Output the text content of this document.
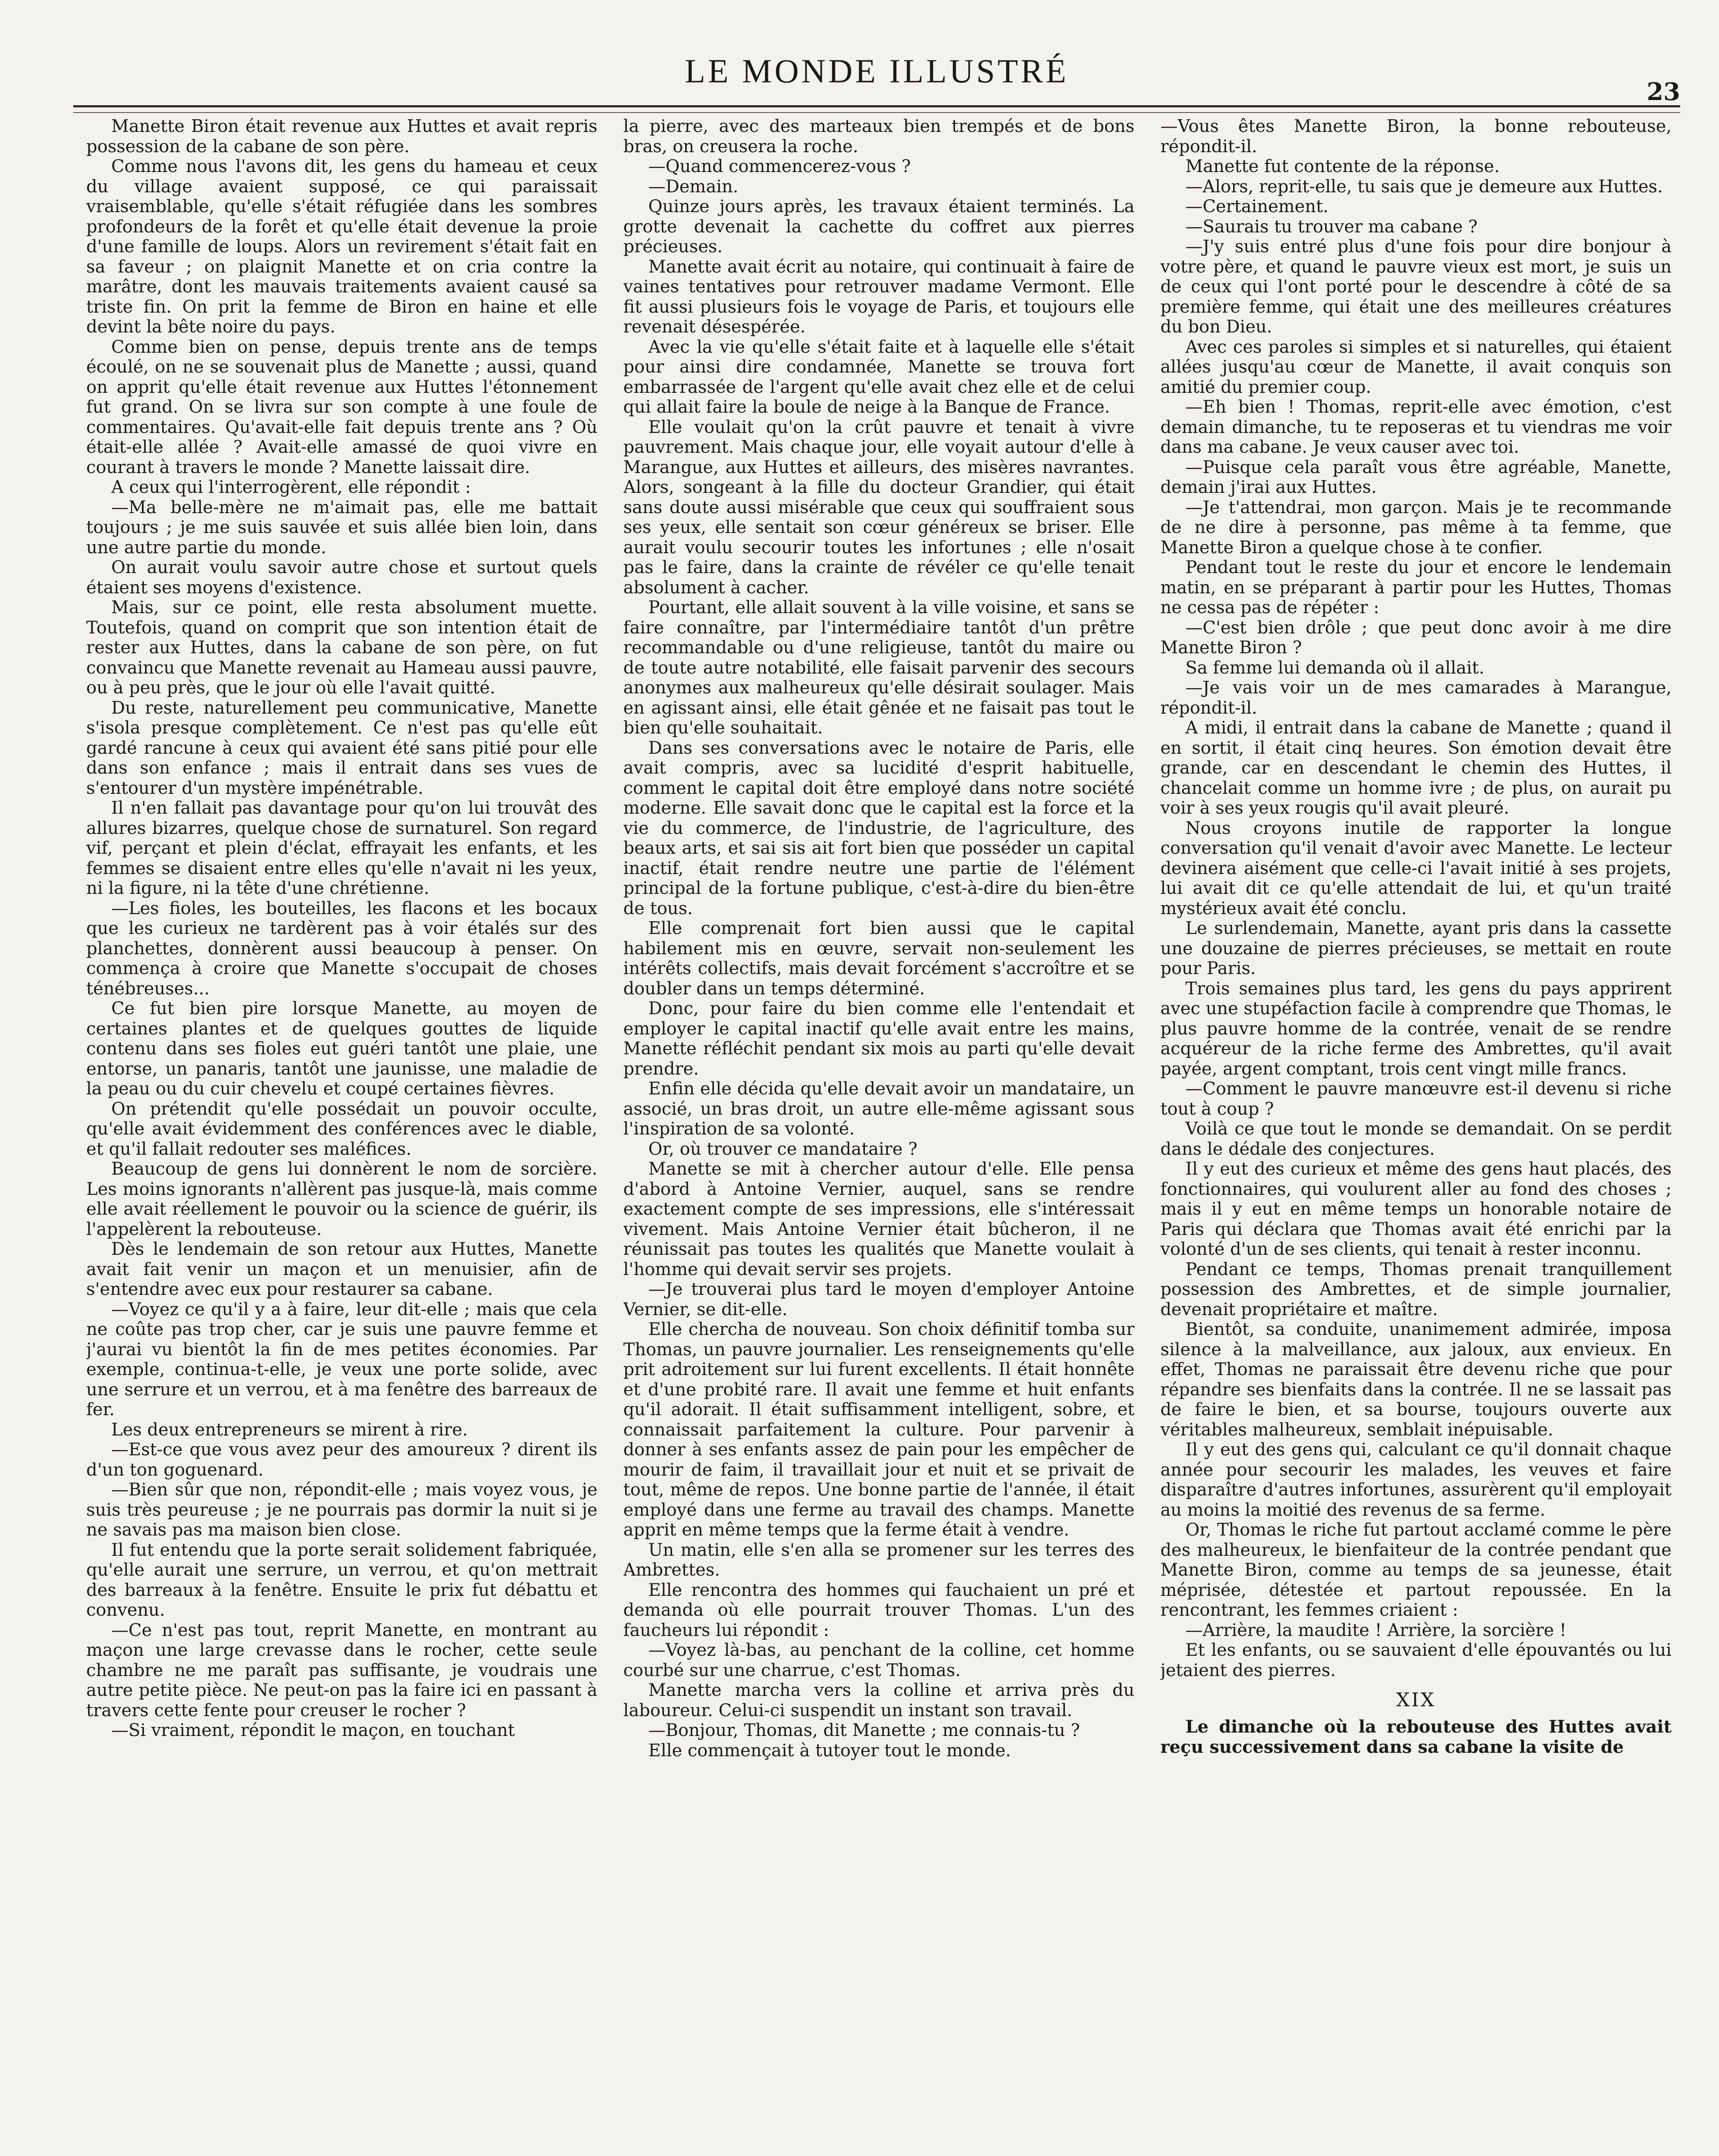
LE MONDE ILLUSTRÉ
23

Manette Biron était revenue aux Huttes et avait repris possession de la cabane de son père.

Comme nous l'avons dit, les gens du hameau et ceux du village avaient supposé, ce qui paraissait vraisemblable, qu'elle s'était réfugiée dans les sombres profondeurs de la forêt et qu'elle était devenue la proie d'une famille de loups. Alors un revirement s'était fait en sa faveur ; on plaignit Manette et on cria contre la marâtre, dont les mauvais traitements avaient causé sa triste fin. On prit la femme de Biron en haine et elle devint la bête noire du pays.

Comme bien on pense, depuis trente ans de temps écoulé, on ne se souvenait plus de Manette ; aussi, quand on apprit qu'elle était revenue aux Huttes l'étonnement fut grand. On se livra sur son compte à une foule de commentaires. Qu'avait-elle fait depuis trente ans ? Où était-elle allée ? Avait-elle amassé de quoi vivre en courant à travers le monde ? Manette laissait dire.

A ceux qui l'interrogèrent, elle répondit :

—Ma belle-mère ne m'aimait pas, elle me battait toujours ; je me suis sauvée et suis allée bien loin, dans une autre partie du monde.

On aurait voulu savoir autre chose et surtout quels étaient ses moyens d'existence.

Mais, sur ce point, elle resta absolument muette. Toutefois, quand on comprit que son intention était de rester aux Huttes, dans la cabane de son père, on fut convaincu que Manette revenait au Hameau aussi pauvre, ou à peu près, que le jour où elle l'avait quitté.

Du reste, naturellement peu communicative, Manette s'isola presque complètement. Ce n'est pas qu'elle eût gardé rancune à ceux qui avaient été sans pitié pour elle dans son enfance ; mais il entrait dans ses vues de s'entourer d'un mystère impénétrable.

Il n'en fallait pas davantage pour qu'on lui trouvât des allures bizarres, quelque chose de surnaturel. Son regard vif, perçant et plein d'éclat, effrayait les enfants, et les femmes se disaient entre elles qu'elle n'avait ni les yeux, ni la figure, ni la tête d'une chrétienne.

—Les fioles, les bouteilles, les flacons et les bocaux que les curieux ne tardèrent pas à voir étalés sur des planchettes, donnèrent aussi beaucoup à penser. On commença à croire que Manette s'occupait de choses ténébreuses...

Ce fut bien pire lorsque Manette, au moyen de certaines plantes et de quelques gouttes de liquide contenu dans ses fioles eut guéri tantôt une plaie, une entorse, un panaris, tantôt une jaunisse, une maladie de la peau ou du cuir chevelu et coupé certaines fièvres.

On prétendit qu'elle possédait un pouvoir occulte, qu'elle avait évidemment des conférences avec le diable, et qu'il fallait redouter ses maléfices.

Beaucoup de gens lui donnèrent le nom de sorcière. Les moins ignorants n'allèrent pas jusque-là, mais comme elle avait réellement le pouvoir ou la science de guérir, ils l'appelèrent la rebouteuse.

Dès le lendemain de son retour aux Huttes, Manette avait fait venir un maçon et un menuisier, afin de s'entendre avec eux pour restaurer sa cabane.

—Voyez ce qu'il y a à faire, leur dit-elle ; mais que cela ne coûte pas trop cher, car je suis une pauvre femme et j'aurai vu bientôt la fin de mes petites économies. Par exemple, continua-t-elle, je veux une porte solide, avec une serrure et un verrou, et à ma fenêtre des barreaux de fer.

Les deux entrepreneurs se mirent à rire.

—Est-ce que vous avez peur des amoureux ? dirent ils d'un ton goguenard.

—Bien sûr que non, répondit-elle ; mais voyez vous, je suis très peureuse ; je ne pourrais pas dormir la nuit si je ne savais pas ma maison bien close.

Il fut entendu que la porte serait solidement fabriquée, qu'elle aurait une serrure, un verrou, et qu'on mettrait des barreaux à la fenêtre. Ensuite le prix fut débattu et convenu.

—Ce n'est pas tout, reprit Manette, en montrant au maçon une large crevasse dans le rocher, cette seule chambre ne me paraît pas suffisante, je voudrais une autre petite pièce. Ne peut-on pas la faire ici en passant à travers cette fente pour creuser le rocher ?

—Si vraiment, répondit le maçon, en touchant

la pierre, avec des marteaux bien trempés et de bons bras, on creusera la roche.

—Quand commencerez-vous ?

—Demain.

Quinze jours après, les travaux étaient terminés. La grotte devenait la cachette du coffret aux pierres précieuses.

Manette avait écrit au notaire, qui continuait à faire de vaines tentatives pour retrouver madame Vermont. Elle fit aussi plusieurs fois le voyage de Paris, et toujours elle revenait désespérée.

Avec la vie qu'elle s'était faite et à laquelle elle s'était pour ainsi dire condamnée, Manette se trouva fort embarrassée de l'argent qu'elle avait chez elle et de celui qui allait faire la boule de neige à la Banque de France.

Elle voulait qu'on la crût pauvre et tenait à vivre pauvrement. Mais chaque jour, elle voyait autour d'elle à Marangue, aux Huttes et ailleurs, des misères navrantes. Alors, songeant à la fille du docteur Grandier, qui était sans doute aussi misérable que ceux qui souffraient sous ses yeux, elle sentait son cœur généreux se briser. Elle aurait voulu secourir toutes les infortunes ; elle n'osait pas le faire, dans la crainte de révéler ce qu'elle tenait absolument à cacher.

Pourtant, elle allait souvent à la ville voisine, et sans se faire connaître, par l'intermédiaire tantôt d'un prêtre recommandable ou d'une religieuse, tantôt du maire ou de toute autre notabilité, elle faisait parvenir des secours anonymes aux malheureux qu'elle désirait soulager. Mais en agissant ainsi, elle était gênée et ne faisait pas tout le bien qu'elle souhaitait.

Dans ses conversations avec le notaire de Paris, elle avait compris, avec sa lucidité d'esprit habituelle, comment le capital doit être employé dans notre société moderne. Elle savait donc que le capital est la force et la vie du commerce, de l'industrie, de l'agriculture, des beaux arts, et sai sis ait fort bien que posséder un capital inactif, était rendre neutre une partie de l'élément principal de la fortune publique, c'est-à-dire du bien-être de tous.

Elle comprenait fort bien aussi que le capital habilement mis en œuvre, servait non-seulement les intérêts collectifs, mais devait forcément s'accroître et se doubler dans un temps déterminé.

Donc, pour faire du bien comme elle l'entendait et employer le capital inactif qu'elle avait entre les mains, Manette réfléchit pendant six mois au parti qu'elle devait prendre.

Enfin elle décida qu'elle devait avoir un mandataire, un associé, un bras droit, un autre elle-même agissant sous l'inspiration de sa volonté.

Or, où trouver ce mandataire ?

Manette se mit à chercher autour d'elle. Elle pensa d'abord à Antoine Vernier, auquel, sans se rendre exactement compte de ses impressions, elle s'intéressait vivement. Mais Antoine Vernier était bûcheron, il ne réunissait pas toutes les qualités que Manette voulait à l'homme qui devait servir ses projets.

—Je trouverai plus tard le moyen d'employer Antoine Vernier, se dit-elle.

Elle chercha de nouveau. Son choix définitif tomba sur Thomas, un pauvre journalier. Les renseignements qu'elle prit adroitement sur lui furent excellents. Il était honnête et d'une probité rare. Il avait une femme et huit enfants qu'il adorait. Il était suffisamment intelligent, sobre, et connaissait parfaitement la culture. Pour parvenir à donner à ses enfants assez de pain pour les empêcher de mourir de faim, il travaillait jour et nuit et se privait de tout, même de repos. Une bonne partie de l'année, il était employé dans une ferme au travail des champs. Manette apprit en même temps que la ferme était à vendre.

Un matin, elle s'en alla se promener sur les terres des Ambrettes.

Elle rencontra des hommes qui fauchaient un pré et demanda où elle pourrait trouver Thomas. L'un des faucheurs lui répondit :

—Voyez là-bas, au penchant de la colline, cet homme courbé sur une charrue, c'est Thomas.

Manette marcha vers la colline et arriva près du laboureur. Celui-ci suspendit un instant son travail.

—Bonjour, Thomas, dit Manette ; me connais-tu ?

Elle commençait à tutoyer tout le monde.

—Vous êtes Manette Biron, la bonne rebouteuse, répondit-il.

Manette fut contente de la réponse.

—Alors, reprit-elle, tu sais que je demeure aux Huttes.

—Certainement.

—Saurais tu trouver ma cabane ?

—J'y suis entré plus d'une fois pour dire bonjour à votre père, et quand le pauvre vieux est mort, je suis un de ceux qui l'ont porté pour le descendre à côté de sa première femme, qui était une des meilleures créatures du bon Dieu.

Avec ces paroles si simples et si naturelles, qui étaient allées jusqu'au cœur de Manette, il avait conquis son amitié du premier coup.

—Eh bien ! Thomas, reprit-elle avec émotion, c'est demain dimanche, tu te reposeras et tu viendras me voir dans ma cabane. Je veux causer avec toi.

—Puisque cela paraît vous être agréable, Manette, demain j'irai aux Huttes.

—Je t'attendrai, mon garçon. Mais je te recommande de ne dire à personne, pas même à ta femme, que Manette Biron a quelque chose à te confier.

Pendant tout le reste du jour et encore le lendemain matin, en se préparant à partir pour les Huttes, Thomas ne cessa pas de répéter :

—C'est bien drôle ; que peut donc avoir à me dire Manette Biron ?

Sa femme lui demanda où il allait.

—Je vais voir un de mes camarades à Marangue, répondit-il.

A midi, il entrait dans la cabane de Manette ; quand il en sortit, il était cinq heures. Son émotion devait être grande, car en descendant le chemin des Huttes, il chancelait comme un homme ivre ; de plus, on aurait pu voir à ses yeux rougis qu'il avait pleuré.

Nous croyons inutile de rapporter la longue conversation qu'il venait d'avoir avec Manette. Le lecteur devinera aisément que celle-ci l'avait initié à ses projets, lui avait dit ce qu'elle attendait de lui, et qu'un traité mystérieux avait été conclu.

Le surlendemain, Manette, ayant pris dans la cassette une douzaine de pierres précieuses, se mettait en route pour Paris.

Trois semaines plus tard, les gens du pays apprirent avec une stupéfaction facile à comprendre que Thomas, le plus pauvre homme de la contrée, venait de se rendre acquéreur de la riche ferme des Ambrettes, qu'il avait payée, argent comptant, trois cent vingt mille francs.

—Comment le pauvre manœuvre est-il devenu si riche tout à coup ?

Voilà ce que tout le monde se demandait. On se perdit dans le dédale des conjectures.

Il y eut des curieux et même des gens haut placés, des fonctionnaires, qui voulurent aller au fond des choses ; mais il y eut en même temps un honorable notaire de Paris qui déclara que Thomas avait été enrichi par la volonté d'un de ses clients, qui tenait à rester inconnu.

Pendant ce temps, Thomas prenait tranquillement possession des Ambrettes, et de simple journalier, devenait propriétaire et maître.

Bientôt, sa conduite, unanimement admirée, imposa silence à la malveillance, aux jaloux, aux envieux. En effet, Thomas ne paraissait être devenu riche que pour répandre ses bienfaits dans la contrée. Il ne se lassait pas de faire le bien, et sa bourse, toujours ouverte aux véritables malheureux, semblait inépuisable.

Il y eut des gens qui, calculant ce qu'il donnait chaque année pour secourir les malades, les veuves et faire disparaître d'autres infortunes, assurèrent qu'il employait au moins la moitié des revenus de sa ferme.

Or, Thomas le riche fut partout acclamé comme le père des malheureux, le bienfaiteur de la contrée pendant que Manette Biron, comme au temps de sa jeunesse, était méprisée, détestée et partout repoussée. En la rencontrant, les femmes criaient :

—Arrière, la maudite ! Arrière, la sorcière !

Et les enfants, ou se sauvaient d'elle épouvantés ou lui jetaient des pierres.

XIX

Le dimanche où la rebouteuse des Huttes avait reçu successivement dans sa cabane la visite de
